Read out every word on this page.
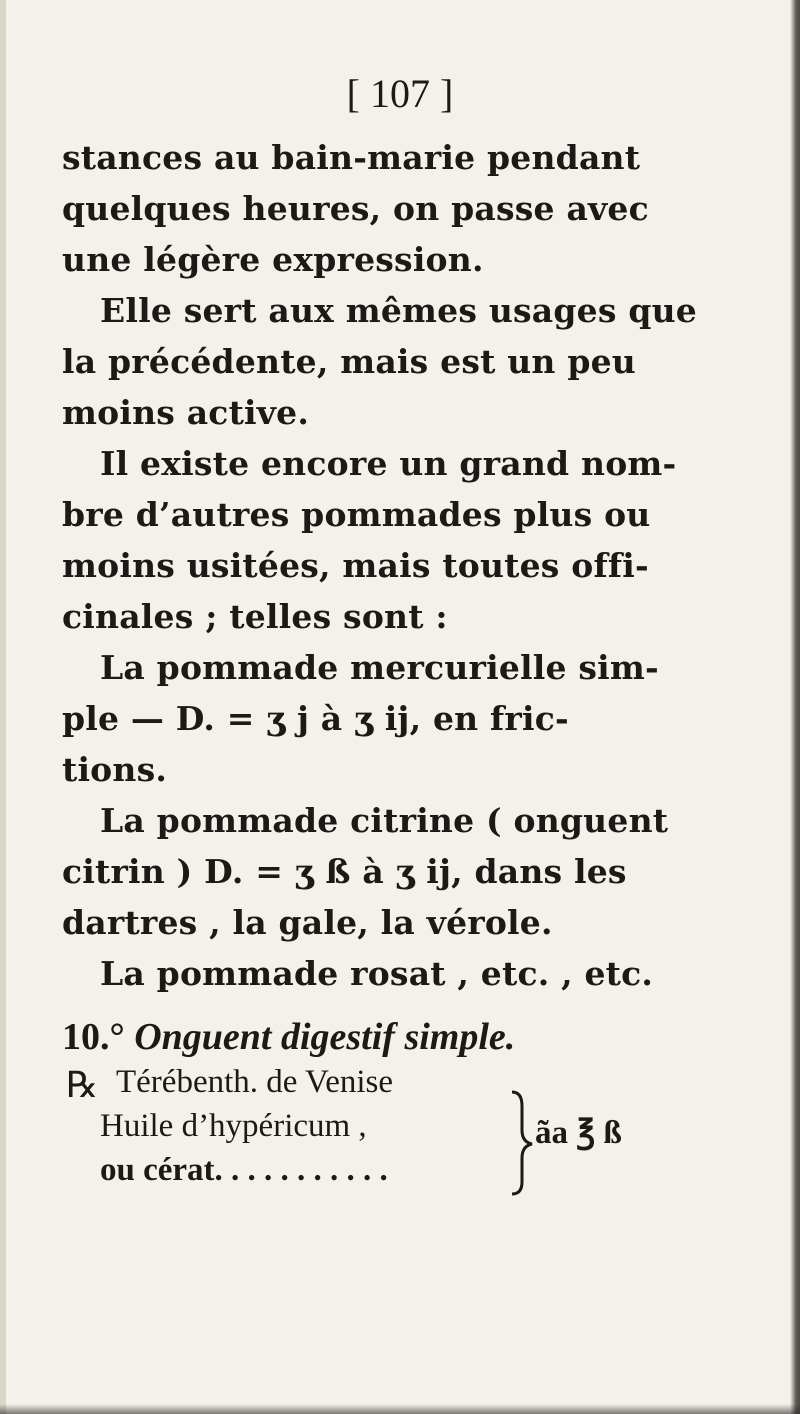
[ 107 ]
stances au bain-marie pendant
quelques heures, on passe avec
une légère expression.
Elle sert aux mêmes usages que
la précédente, mais est un peu
moins active.
Il existe encore un grand nom-
bre d’autres pommades plus ou
moins usitées, mais toutes offi-
cinales ; telles sont :
La pommade mercurielle sim-
ple — D. = ʒ j à ʒ ij, en fric-
tions.
La pommade citrine ( onguent
citrin ) D. = ʒ ß à ʒ ij, dans les
dartres , la gale, la vérole.
La pommade rosat , etc. , etc.
10.° Onguent digestif simple.
℞ Térébenth. de Venise
Huile d’hypéricum ,
ou cérat. . . . . . . . . . .
ãa ℥ ß
